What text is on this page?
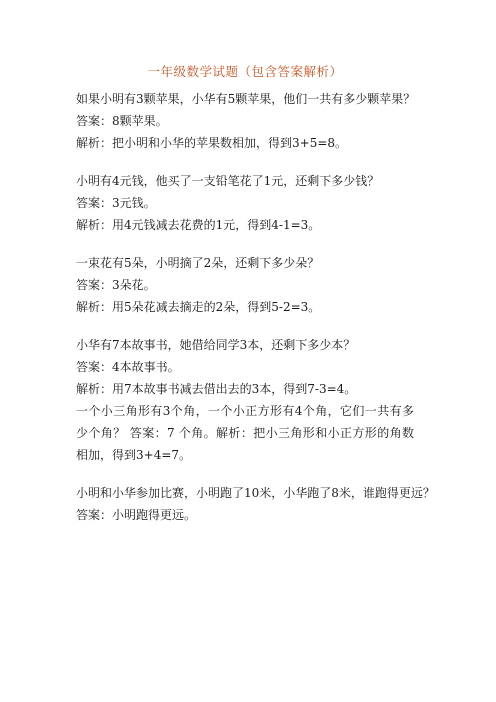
一年级数学试题（包含答案解析）

如果小明有3颗苹果，小华有5颗苹果，他们一共有多少颗苹果？

答案：8颗苹果。

解析：把小明和小华的苹果数相加，得到3+5=8。

小明有4元钱，他买了一支铅笔花了1元，还剩下多少钱？

答案：3元钱。

解析：用4元钱减去花费的1元，得到4-1=3。

一束花有5朵，小明摘了2朵，还剩下多少朵？

答案：3朵花。

解析：用5朵花减去摘走的2朵，得到5-2=3。

小华有7本故事书，她借给同学3本，还剩下多少本？

答案：4本故事书。

解析：用7本故事书减去借出去的3本，得到7-3=4。

一个小三角形有3个角，一个小正方形有4个角，它们一共有多少个角？ 答案：7 个角。解析：把小三角形和小正方形的角数相加，得到3+4=7。

小明和小华参加比赛，小明跑了10米，小华跑了8米，谁跑得更远？

答案：小明跑得更远。
